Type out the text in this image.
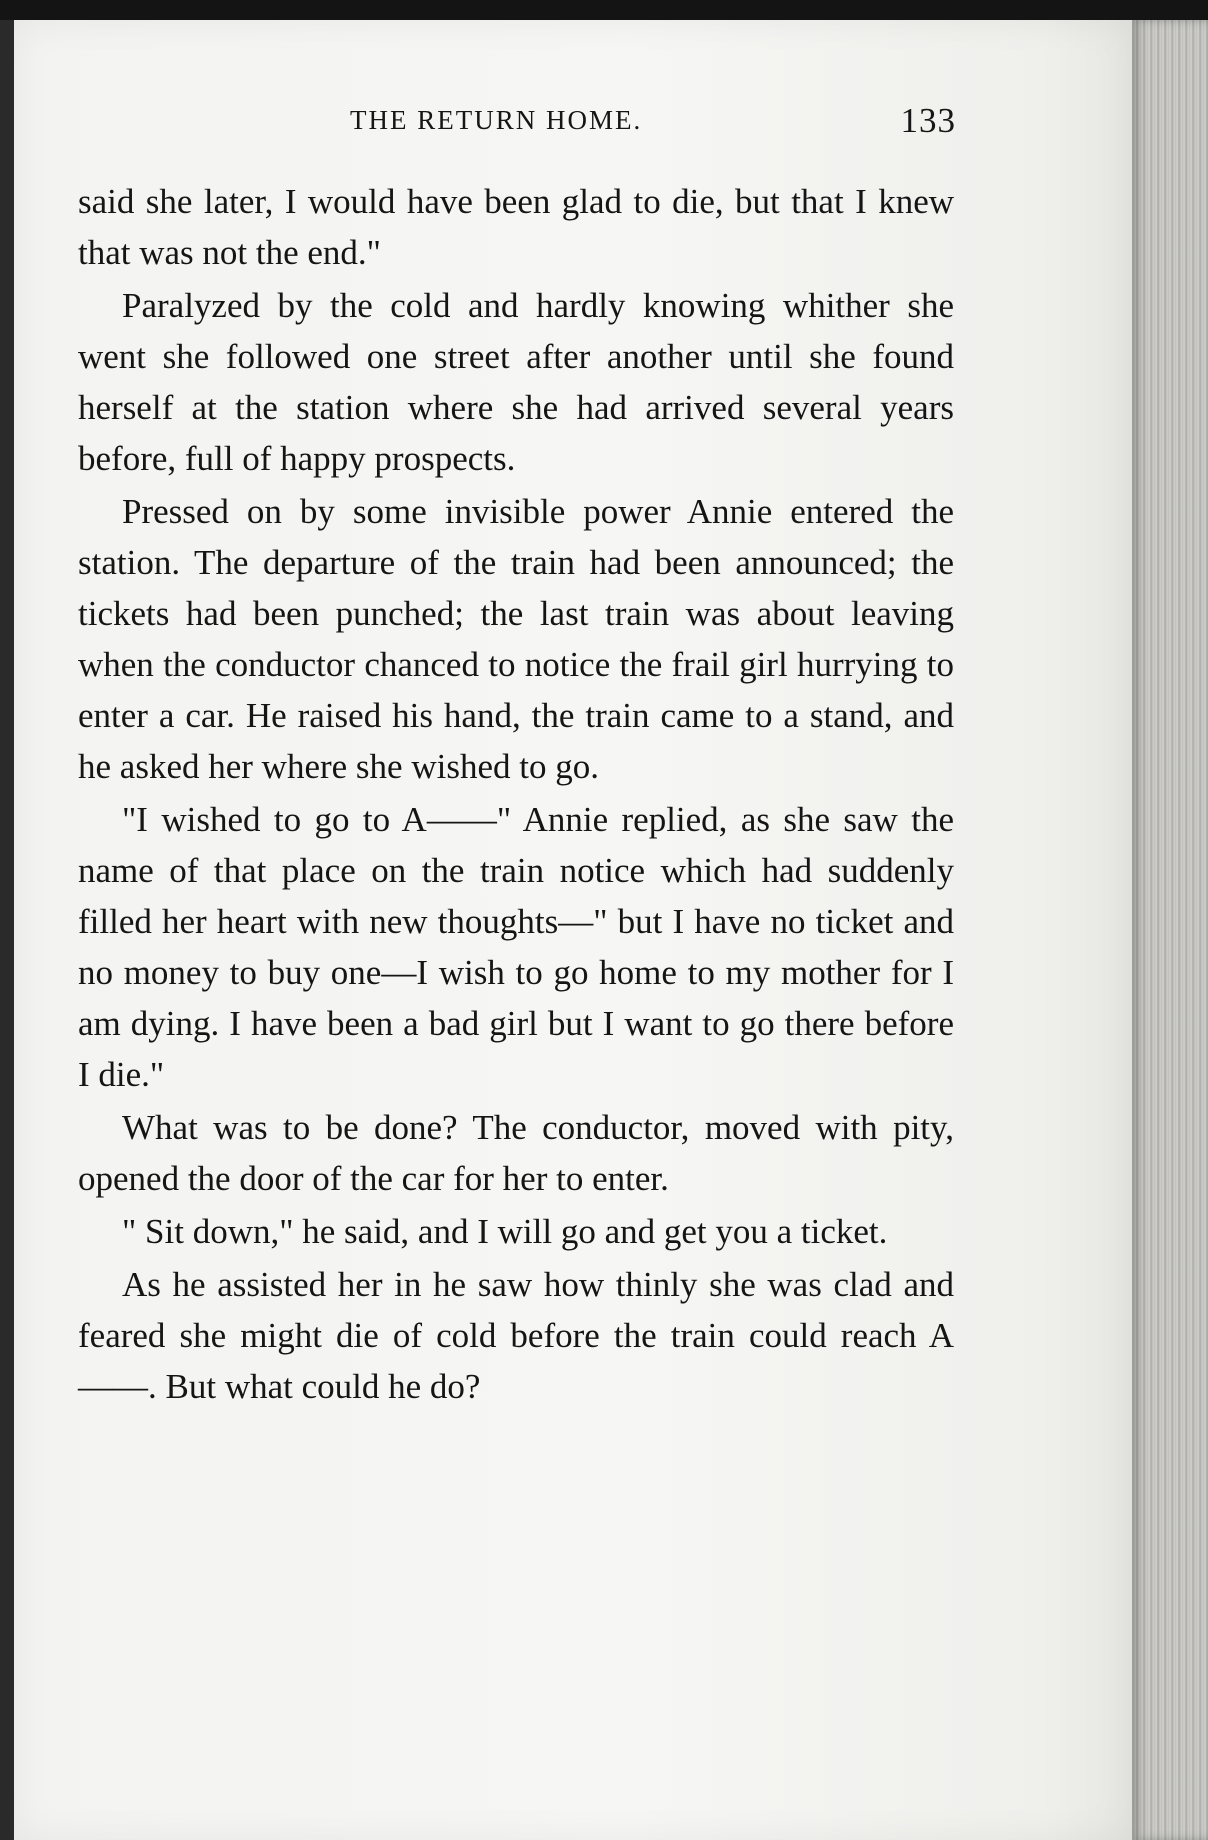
THE RETURN HOME.	133

said she later, I would have been glad to die, but that I knew that was not the end."

Paralyzed by the cold and hardly knowing whither she went she followed one street after another until she found herself at the station where she had arrived several years before, full of happy prospects.

Pressed on by some invisible power Annie entered the station. The departure of the train had been announced; the tickets had been punched; the last train was about leaving when the conductor chanced to notice the frail girl hurrying to enter a car. He raised his hand, the train came to a stand, and he asked her where she wished to go.

"I wished to go to A——" Annie replied, as she saw the name of that place on the train notice which had suddenly filled her heart with new thoughts—" but I have no ticket and no money to buy one—I wish to go home to my mother for I am dying. I have been a bad girl but I want to go there before I die."

What was to be done? The conductor, moved with pity, opened the door of the car for her to enter.

" Sit down," he said, and I will go and get you a ticket.

As he assisted her in he saw how thinly she was clad and feared she might die of cold before the train could reach A——. But what could he do?
